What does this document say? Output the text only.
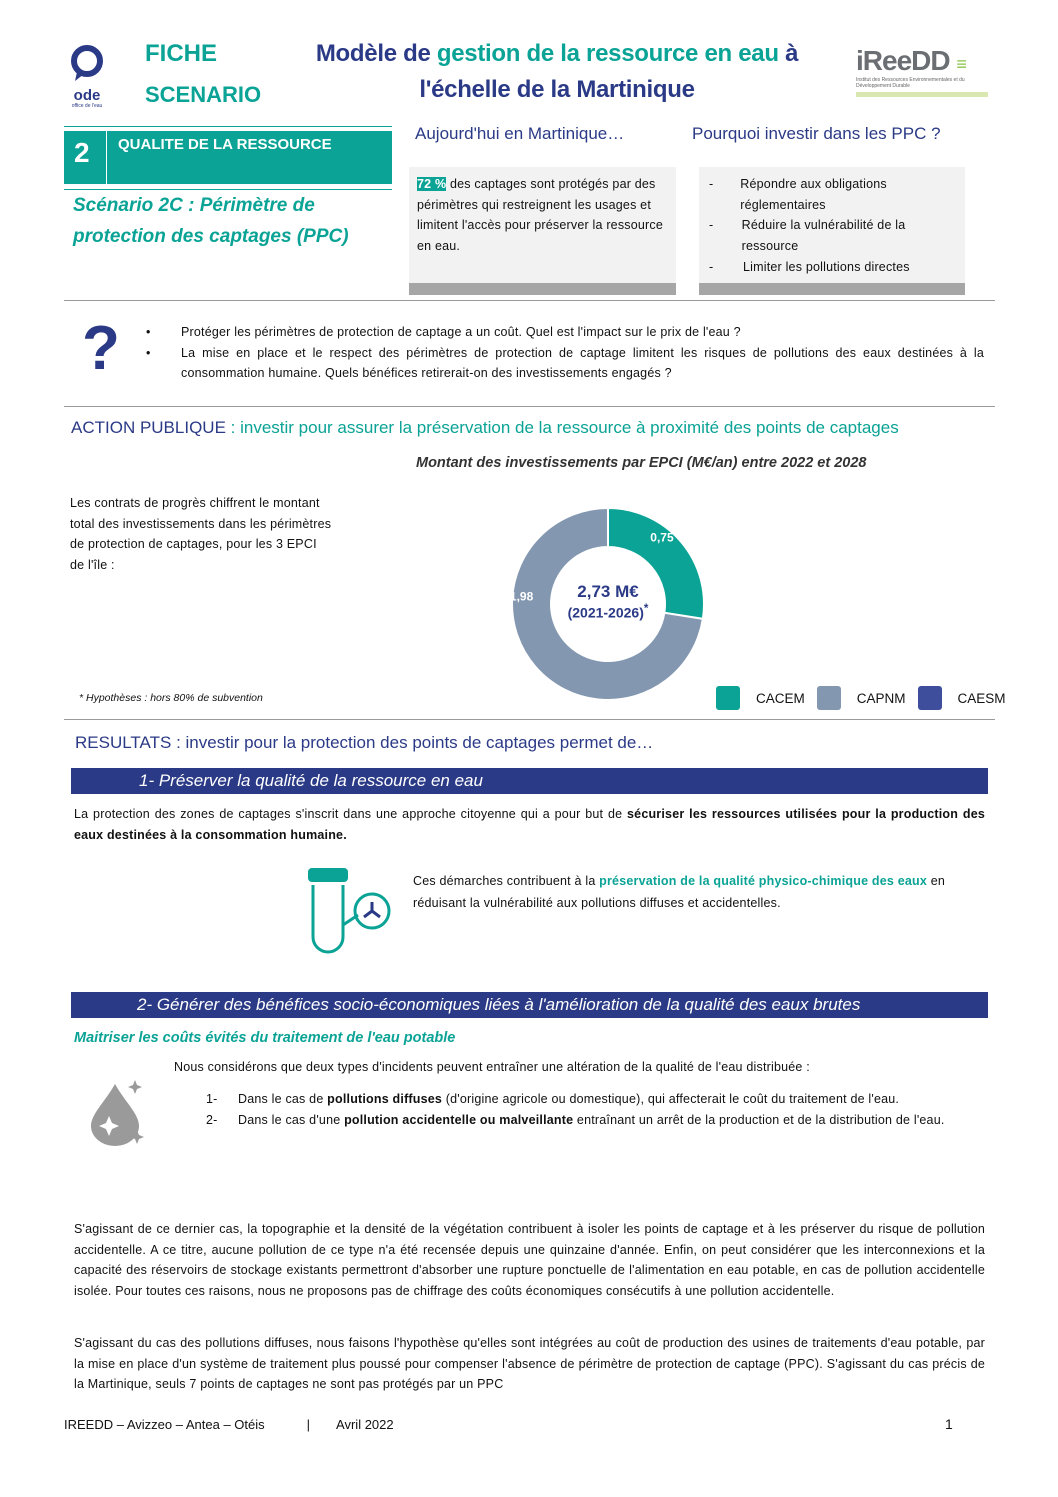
ode
office de l'eau
FICHE
SCENARIO
Modèle de gestion de la ressource en eau à
l'échelle de la Martinique
iReeDD ≡
Institut des Ressources Environnementales et du Développement Durable
2 QUALITE DE LA RESSOURCE
Scénario 2C : Périmètre de protection des captages (PPC)
Aujourd'hui en Martinique…
72 % des captages sont protégés par des périmètres qui restreignent les usages et limitent l'accès pour préserver la ressource en eau.
Pourquoi investir dans les PPC ?
-	Répondre aux obligations réglementaires
-	Réduire la vulnérabilité de la ressource
-	Limiter les pollutions directes
? •	Protéger les périmètres de protection de captage a un coût. Quel est l'impact sur le prix de l'eau ?
•	La mise en place et le respect des périmètres de protection de captage limitent les risques de pollutions des eaux destinées à la consommation humaine. Quels bénéfices retirerait-on des investissements engagés ?
ACTION PUBLIQUE : investir pour assurer la préservation de la ressource à proximité des points de captages
Montant des investissements par EPCI (M€/an) entre 2022 et 2028
Les contrats de progrès chiffrent le montant total des investissements dans les périmètres de protection de captages, pour les 3 EPCI de l'île :
* Hypothèses : hors 80% de subvention
0,75
1,98	2,73 M€
(2021-2026)*
CACEM	CAPNM	CAESM
RESULTATS : investir pour la protection des points de captages permet de…
1- Préserver la qualité de la ressource en eau
La protection des zones de captages s'inscrit dans une approche citoyenne qui a pour but de sécuriser les ressources utilisées pour la production des eaux destinées à la consommation humaine.
Ces démarches contribuent à la préservation de la qualité physico-chimique des eaux en réduisant la vulnérabilité aux pollutions diffuses et accidentelles.
2- Générer des bénéfices socio-économiques liées à l'amélioration de la qualité des eaux brutes
Maitriser les coûts évités du traitement de l'eau potable
Nous considérons que deux types d'incidents peuvent entraîner une altération de la qualité de l'eau distribuée :
1-	Dans le cas de pollutions diffuses (d'origine agricole ou domestique), qui affecterait le coût du traitement de l'eau.
2-	Dans le cas d'une pollution accidentelle ou malveillante entraînant un arrêt de la production et de la distribution de l'eau.
S'agissant de ce dernier cas, la topographie et la densité de la végétation contribuent à isoler les points de captage et à les préserver du risque de pollution accidentelle. A ce titre, aucune pollution de ce type n'a été recensée depuis une quinzaine d'année. Enfin, on peut considérer que les interconnexions et la capacité des réservoirs de stockage existants permettront d'absorber une rupture ponctuelle de l'alimentation en eau potable, en cas de pollution accidentelle isolée. Pour toutes ces raisons, nous ne proposons pas de chiffrage des coûts économiques consécutifs à une pollution accidentelle.
S'agissant du cas des pollutions diffuses, nous faisons l'hypothèse qu'elles sont intégrées au coût de production des usines de traitements d'eau potable, par la mise en place d'un système de traitement plus poussé pour compenser l'absence de périmètre de protection de captage (PPC). S'agissant du cas précis de la Martinique, seuls 7 points de captages ne sont pas protégés par un PPC
IREEDD – Avizzeo – Antea – Otéis	| Avril 2022	1
